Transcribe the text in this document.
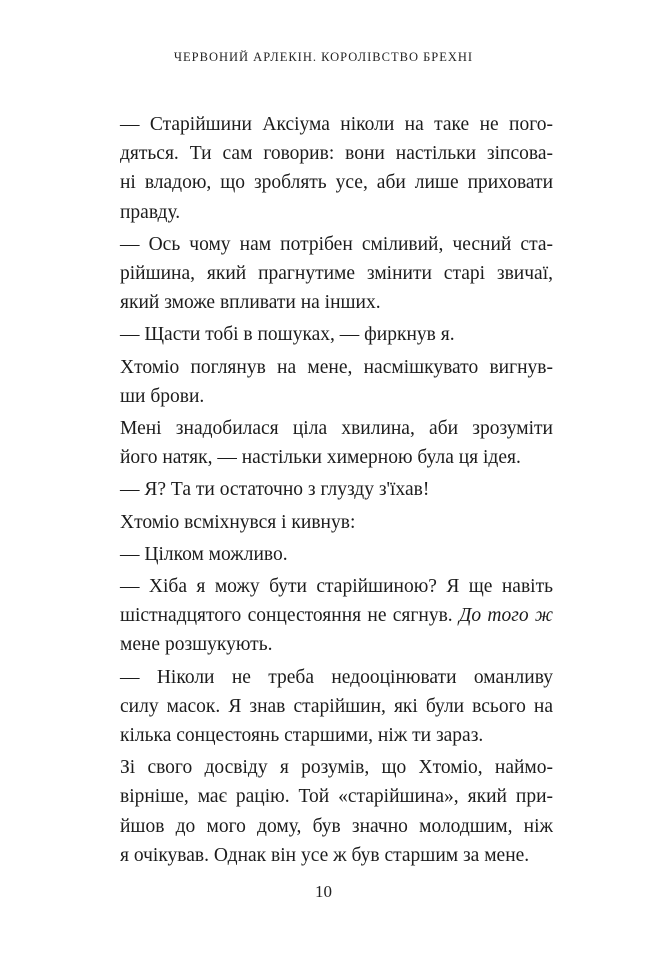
ЧЕРВОНИЙ АРЛЕКІН. КОРОЛІВСТВО БРЕХНІ
— Старійшини Аксіума ніколи на таке не пого-
дяться. Ти сам говорив: вони настільки зіпсова-
ні владою, що зроблять усе, аби лише приховати
правду.
— Ось чому нам потрібен сміливий, чесний ста-
рійшина, який прагнутиме змінити старі звичаї,
який зможе впливати на інших.
— Щасти тобі в пошуках, — фиркнув я.
Хтоміо поглянув на мене, насмішкувато вигнув-
ши брови.
Мені знадобилася ціла хвилина, аби зрозуміти
його натяк, — настільки химерною була ця ідея.
— Я? Та ти остаточно з глузду з'їхав!
Хтоміо всміхнувся і кивнув:
— Цілком можливо.
— Хіба я можу бути старійшиною? Я ще навіть
шістнадцятого сонцестояння не сягнув. До того ж
мене розшукують.
— Ніколи не треба недооцінювати оманливу
силу масок. Я знав старійшин, які були всього на
кілька сонцестоянь старшими, ніж ти зараз.
Зі свого досвіду я розумів, що Хтоміо, наймо-
вірніше, має рацію. Той «старійшина», який при-
йшов до мого дому, був значно молодшим, ніж
я очікував. Однак він усе ж був старшим за мене.
10
